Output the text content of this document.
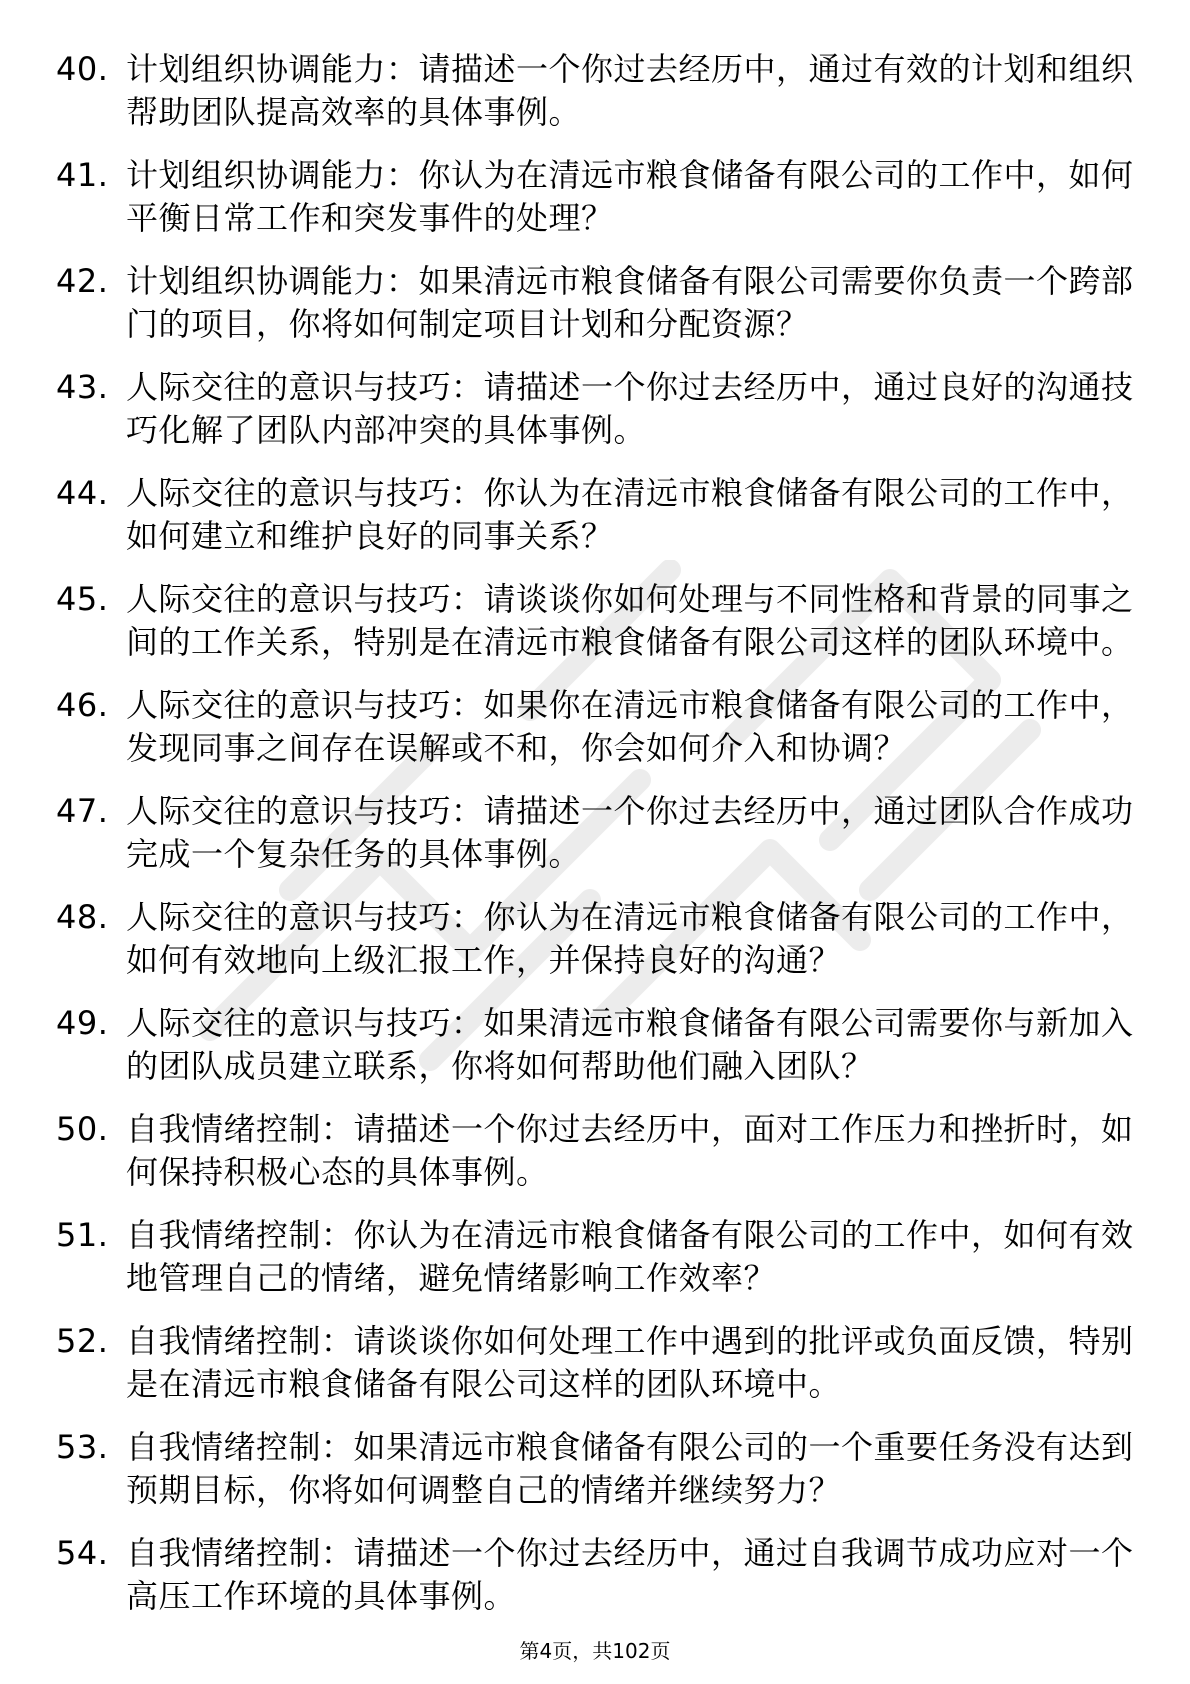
40. 计划组织协调能力：请描述一个你过去经历中，通过有效的计划和组织帮助团队提高效率的具体事例。
41. 计划组织协调能力：你认为在清远市粮食储备有限公司的工作中，如何平衡日常工作和突发事件的处理？
42. 计划组织协调能力：如果清远市粮食储备有限公司需要你负责一个跨部门的项目，你将如何制定项目计划和分配资源？
43. 人际交往的意识与技巧：请描述一个你过去经历中，通过良好的沟通技巧化解了团队内部冲突的具体事例。
44. 人际交往的意识与技巧：你认为在清远市粮食储备有限公司的工作中，如何建立和维护良好的同事关系？
45. 人际交往的意识与技巧：请谈谈你如何处理与不同性格和背景的同事之间的工作关系，特别是在清远市粮食储备有限公司这样的团队环境中。
46. 人际交往的意识与技巧：如果你在清远市粮食储备有限公司的工作中，发现同事之间存在误解或不和，你会如何介入和协调？
47. 人际交往的意识与技巧：请描述一个你过去经历中，通过团队合作成功完成一个复杂任务的具体事例。
48. 人际交往的意识与技巧：你认为在清远市粮食储备有限公司的工作中，如何有效地向上级汇报工作，并保持良好的沟通？
49. 人际交往的意识与技巧：如果清远市粮食储备有限公司需要你与新加入的团队成员建立联系，你将如何帮助他们融入团队？
50. 自我情绪控制：请描述一个你过去经历中，面对工作压力和挫折时，如何保持积极心态的具体事例。
51. 自我情绪控制：你认为在清远市粮食储备有限公司的工作中，如何有效地管理自己的情绪，避免情绪影响工作效率？
52. 自我情绪控制：请谈谈你如何处理工作中遇到的批评或负面反馈，特别是在清远市粮食储备有限公司这样的团队环境中。
53. 自我情绪控制：如果清远市粮食储备有限公司的一个重要任务没有达到预期目标，你将如何调整自己的情绪并继续努力？
54. 自我情绪控制：请描述一个你过去经历中，通过自我调节成功应对一个高压工作环境的具体事例。
第4页，共102页
